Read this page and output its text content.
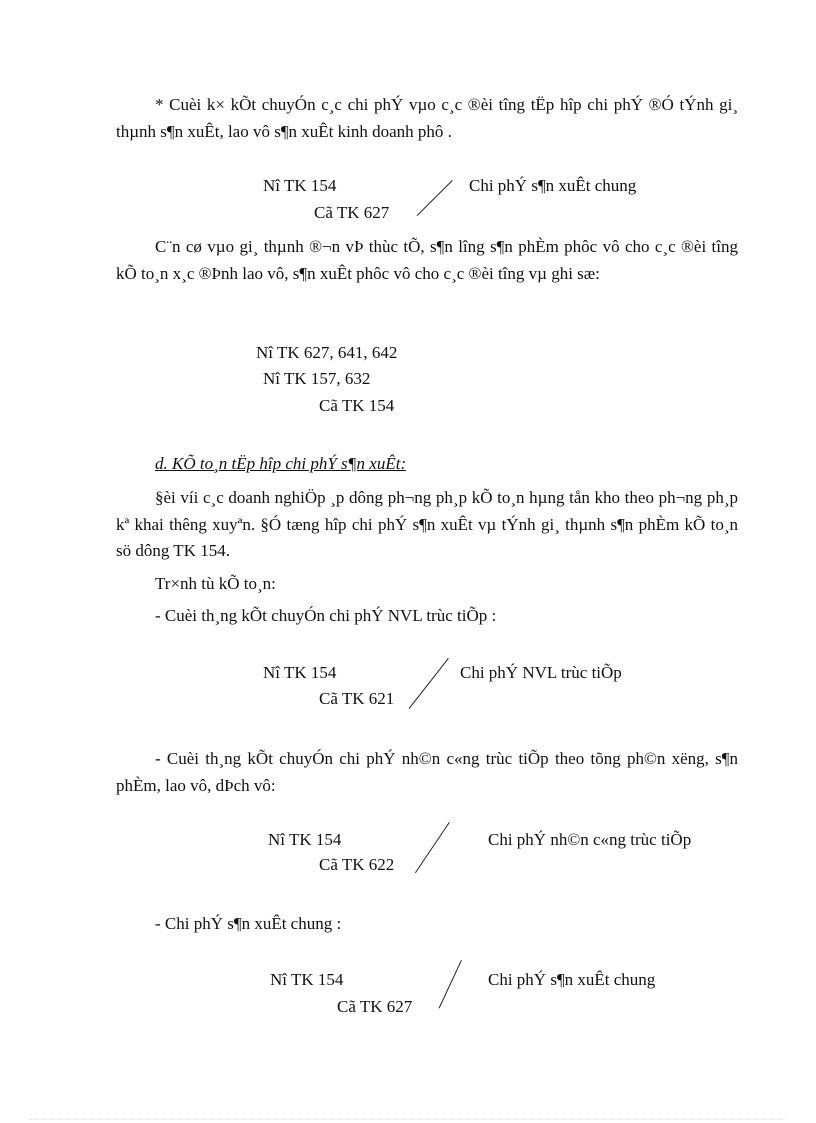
* Cuèi k× kÕt chuyÓn c¸c chi phÝ vµo c¸c ®èi tîng tËp hîp chi phÝ ®Ó tÝnh gi¸ thµnh s¶n xuÊt, lao vô s¶n xuÊt kinh doanh phô .
Nî TK 154
Cã TK 627
Chi phÝ s¶n xuÊt chung
C¨n cø vµo gi¸ thµnh ®¬n vÞ thùc tÕ, s¶n lîng s¶n phÈm phôc vô cho c¸c ®èi tîng kÕ to¸n x¸c ®Þnh lao vô, s¶n xuÊt phôc vô cho c¸c ®èi tîng vµ ghi sæ:
Nî TK 627, 641, 642
Nî TK 157, 632
Cã TK 154
d. KÕ to¸n tËp hîp chi phÝ s¶n xuÊt:
§èi víi c¸c doanh nghiÖp ¸p dông ph¬ng ph¸p kÕ to¸n hµng tån kho theo ph¬ng ph¸p kª khai thêng xuyªn. §Ó tæng hîp chi phÝ s¶n xuÊt vµ tÝnh gi¸ thµnh s¶n phÈm kÕ to¸n sö dông TK 154.
Tr×nh tù kÕ to¸n:
- Cuèi th¸ng kÕt chuyÓn chi phÝ NVL trùc tiÕp :
Nî TK 154
Cã TK 621
Chi phÝ NVL trùc tiÕp
- Cuèi th¸ng kÕt chuyÓn chi phÝ nh©n c«ng trùc tiÕp theo tõng ph©n xëng, s¶n phÈm, lao vô, dÞch vô:
Nî TK 154
Cã TK 622
Chi phÝ nh©n c«ng trùc tiÕp
- Chi phÝ s¶n xuÊt chung :
Nî TK 154
Cã TK 627
Chi phÝ s¶n xuÊt chung
